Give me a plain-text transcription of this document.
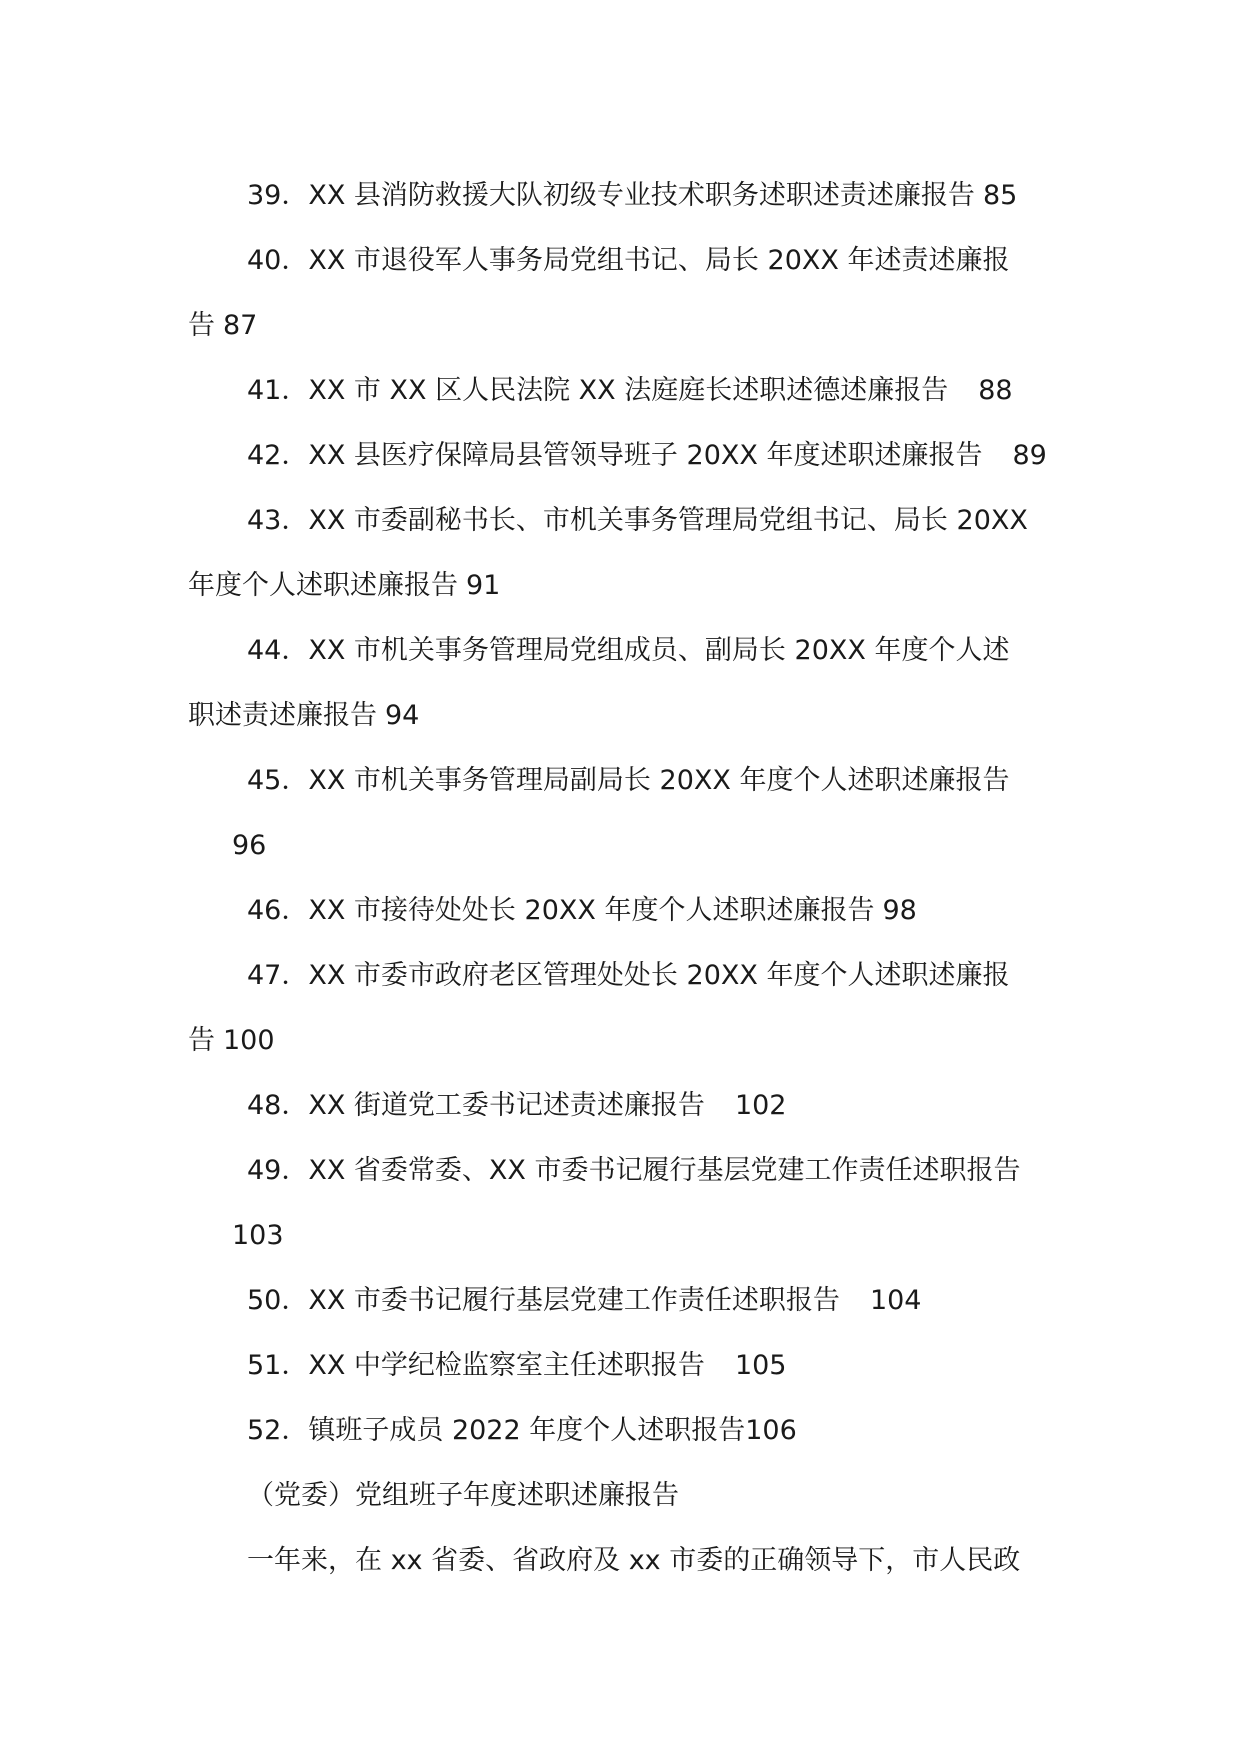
39．XX 县消防救援大队初级专业技术职务述职述责述廉报告 85
40．XX 市退役军人事务局党组书记、局长 20XX 年述责述廉报
告 87
41．XX 市 XX 区人民法院 XX 法庭庭长述职述德述廉报告 88
42．XX 县医疗保障局县管领导班子 20XX 年度述职述廉报告 89
43．XX 市委副秘书长、市机关事务管理局党组书记、局长 20XX
年度个人述职述廉报告 91
44．XX 市机关事务管理局党组成员、副局长 20XX 年度个人述
职述责述廉报告 94
45．XX 市机关事务管理局副局长 20XX 年度个人述职述廉报告
96
46．XX 市接待处处长 20XX 年度个人述职述廉报告 98
47．XX 市委市政府老区管理处处长 20XX 年度个人述职述廉报
告 100
48．XX 街道党工委书记述责述廉报告 102
49．XX 省委常委、XX 市委书记履行基层党建工作责任述职报告
103
50．XX 市委书记履行基层党建工作责任述职报告 104
51．XX 中学纪检监察室主任述职报告 105
52．镇班子成员 2022 年度个人述职报告106
（党委）党组班子年度述职述廉报告
一年来，在 xx 省委、省政府及 xx 市委的正确领导下，市人民政
